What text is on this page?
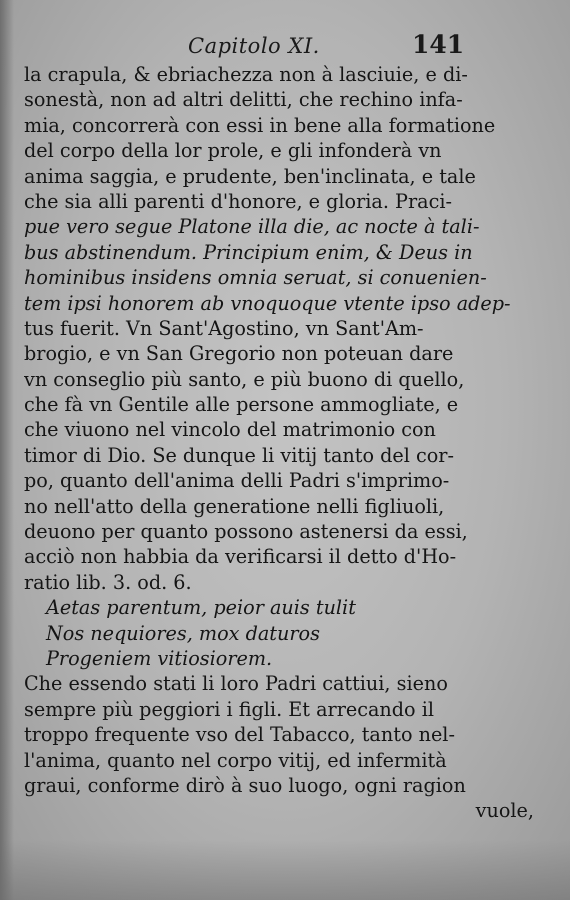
Capitolo XI.	141
la crapula, & ebriachezza non à lasciuie, e di-
sonestà, non ad altri delitti, che rechino infa-
mia, concorrerà con essi in bene alla formatione
del corpo della lor prole, e gli infonderà vn
anima saggia, e prudente, ben'inclinata, e tale
che sia alli parenti d'honore, e gloria. Praci-
pue vero segue Platone illa die, ac nocte à tali-
bus abstinendum. Principium enim, & Deus in
hominibus insidens omnia seruat, si conuenien-
tem ipsi honorem ab vnoquoque vtente ipso adep-
tus fuerit. Vn Sant'Agostino, vn Sant'Am-
brogio, e vn San Gregorio non poteuan dare
vn conseglio più santo, e più buono di quello,
che fà vn Gentile alle persone ammogliate, e
che viuono nel vincolo del matrimonio con
timor di Dio. Se dunque li vitij tanto del cor-
po, quanto dell'anima delli Padri s'imprimo-
no nell'atto della generatione nelli figliuoli,
deuono per quanto possono astenersi da essi,
acciò non habbia da verificarsi il detto d'Ho-
ratio lib. 3. od. 6.
Aetas parentum, peior auis tulit
Nos nequiores, mox daturos
Progeniem vitiosiorem.
Che essendo stati li loro Padri cattiui, sieno
sempre più peggiori i figli. Et arrecando il
troppo frequente vso del Tabacco, tanto nel-
l'anima, quanto nel corpo vitij, ed infermità
graui, conforme dirò à suo luogo, ogni ragion
vuole,
